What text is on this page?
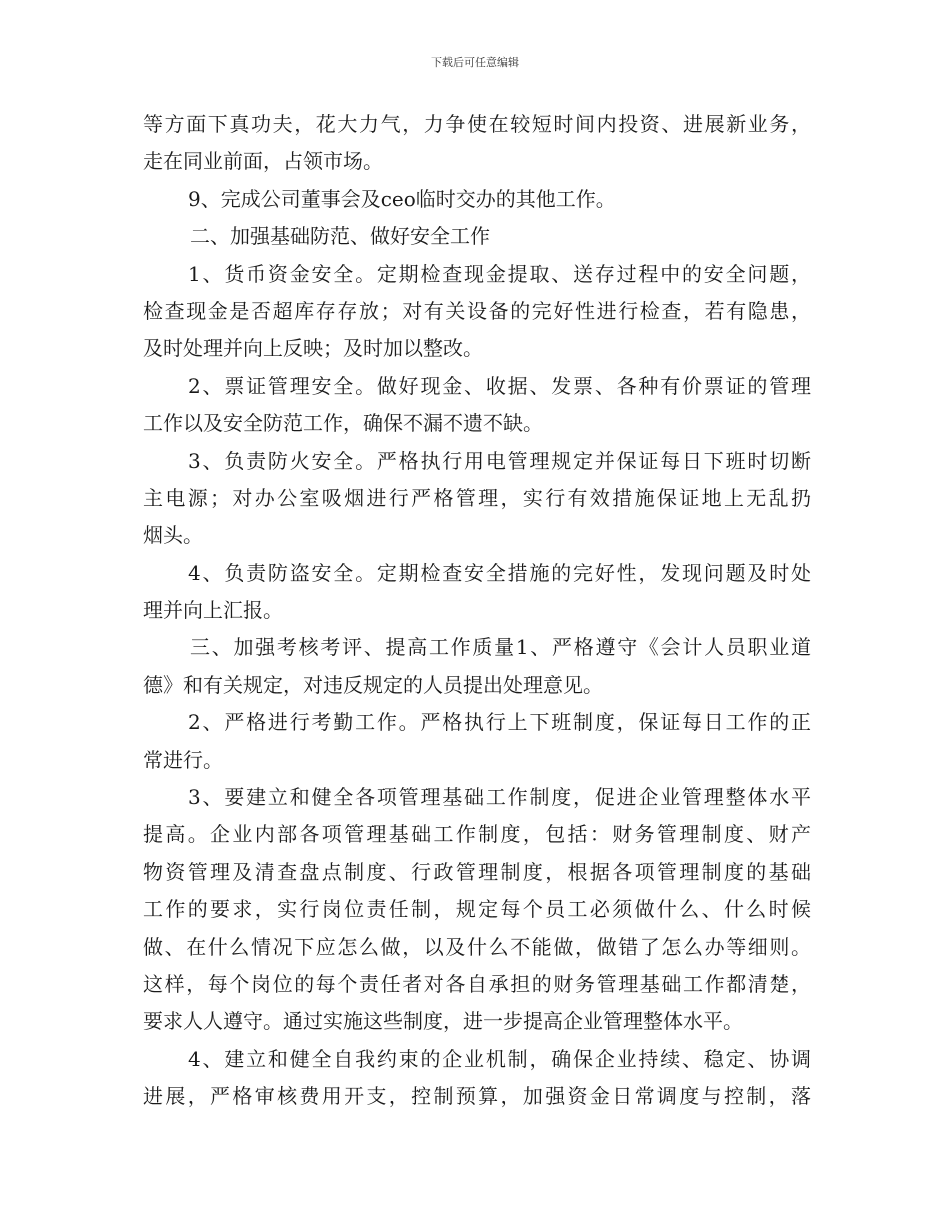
下载后可任意编辑
等方面下真功夫，花大力气，力争使在较短时间内投资、进展新业务，
走在同业前面，占领市场。
9、完成公司董事会及ceo临时交办的其他工作。
二、加强基础防范、做好安全工作
1、货币资金安全。定期检查现金提取、送存过程中的安全问题，
检查现金是否超库存存放；对有关设备的完好性进行检查，若有隐患，
及时处理并向上反映；及时加以整改。
2、票证管理安全。做好现金、收据、发票、各种有价票证的管理
工作以及安全防范工作，确保不漏不遗不缺。
3、负责防火安全。严格执行用电管理规定并保证每日下班时切断
主电源；对办公室吸烟进行严格管理，实行有效措施保证地上无乱扔
烟头。
4、负责防盗安全。定期检查安全措施的完好性，发现问题及时处
理并向上汇报。
三、加强考核考评、提高工作质量1、严格遵守《会计人员职业道
德》和有关规定，对违反规定的人员提出处理意见。
2、严格进行考勤工作。严格执行上下班制度，保证每日工作的正
常进行。
3、要建立和健全各项管理基础工作制度，促进企业管理整体水平
提高。企业内部各项管理基础工作制度，包括：财务管理制度、财产
物资管理及清查盘点制度、行政管理制度，根据各项管理制度的基础
工作的要求，实行岗位责任制，规定每个员工必须做什么、什么时候
做、在什么情况下应怎么做，以及什么不能做，做错了怎么办等细则。
这样，每个岗位的每个责任者对各自承担的财务管理基础工作都清楚，
要求人人遵守。通过实施这些制度，进一步提高企业管理整体水平。
4、建立和健全自我约束的企业机制，确保企业持续、稳定、协调
进展，严格审核费用开支，控制预算，加强资金日常调度与控制，落
